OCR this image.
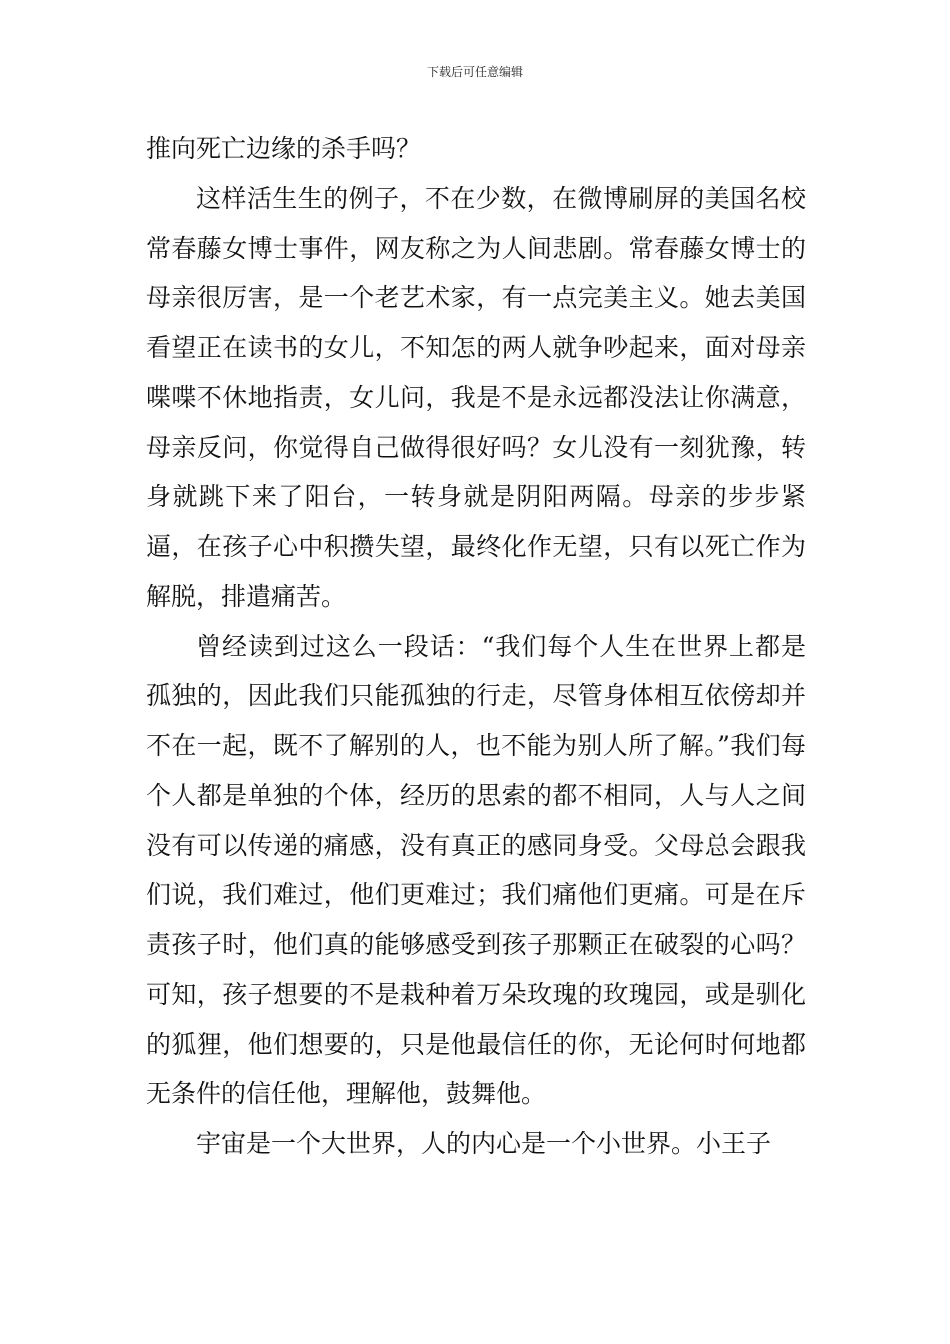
下载后可任意编辑

推向死亡边缘的杀手吗？

这样活生生的例子，不在少数，在微博刷屏的美国名校常春藤女博士事件，网友称之为人间悲剧。常春藤女博士的母亲很厉害，是一个老艺术家，有一点完美主义。她去美国看望正在读书的女儿，不知怎的两人就争吵起来，面对母亲喋喋不休地指责，女儿问，我是不是永远都没法让你满意，母亲反问，你觉得自己做得很好吗？女儿没有一刻犹豫，转身就跳下来了阳台，一转身就是阴阳两隔。母亲的步步紧逼，在孩子心中积攒失望，最终化作无望，只有以死亡作为解脱，排遣痛苦。

曾经读到过这么一段话：“我们每个人生在世界上都是孤独的，因此我们只能孤独的行走，尽管身体相互依傍却并不在一起，既不了解别的人，也不能为别人所了解。”我们每个人都是单独的个体，经历的思索的都不相同，人与人之间没有可以传递的痛感，没有真正的感同身受。父母总会跟我们说，我们难过，他们更难过；我们痛他们更痛。可是在斥责孩子时，他们真的能够感受到孩子那颗正在破裂的心吗？可知，孩子想要的不是栽种着万朵玫瑰的玫瑰园，或是驯化的狐狸，他们想要的，只是他最信任的你，无论何时何地都无条件的信任他，理解他，鼓舞他。

宇宙是一个大世界，人的内心是一个小世界。小王子
